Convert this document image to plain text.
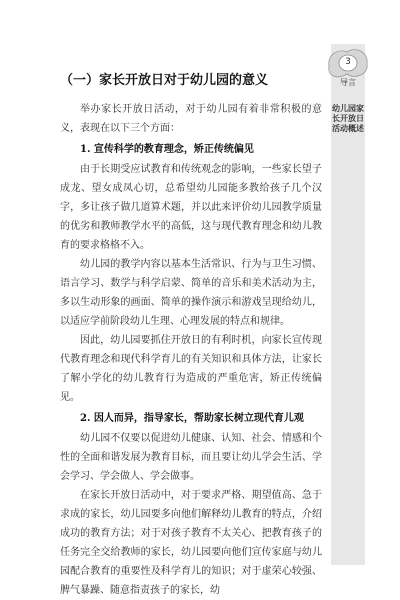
3
导言
幼儿园家长开放日活动概述
（一）家长开放日对于幼儿园的意义

举办家长开放日活动，对于幼儿园有着非常积极的意义，表现在以下三个方面：

1. 宣传科学的教育理念，矫正传统偏见

由于长期受应试教育和传统观念的影响，一些家长望子成龙、望女成凤心切，总希望幼儿园能多教给孩子几个汉字，多让孩子做几道算术题，并以此来评价幼儿园教学质量的优劣和教师教学水平的高低，这与现代教育理念和幼儿教育的要求格格不入。

幼儿园的教学内容以基本生活常识、行为与卫生习惯、语言学习、数学与科学启蒙、简单的音乐和美术活动为主，多以生动形象的画面、简单的操作演示和游戏呈现给幼儿，以适应学前阶段幼儿生理、心理发展的特点和规律。

因此，幼儿园要抓住开放日的有利时机，向家长宣传现代教育理念和现代科学育儿的有关知识和具体方法，让家长了解小学化的幼儿教育行为造成的严重危害，矫正传统偏见。

2. 因人而异，指导家长，帮助家长树立现代育儿观

幼儿园不仅要以促进幼儿健康、认知、社会、情感和个性的全面和谐发展为教育目标，而且要让幼儿学会生活、学会学习、学会做人、学会做事。

在家长开放日活动中，对于要求严格、期望值高、急于求成的家长，幼儿园要多向他们解释幼儿教育的特点，介绍成功的教育方法；对于对孩子教育不太关心、把教育孩子的任务完全交给教师的家长，幼儿园要向他们宣传家庭与幼儿园配合教育的重要性及科学育儿的知识；对于虚荣心较强、脾气暴躁、随意指责孩子的家长，幼
